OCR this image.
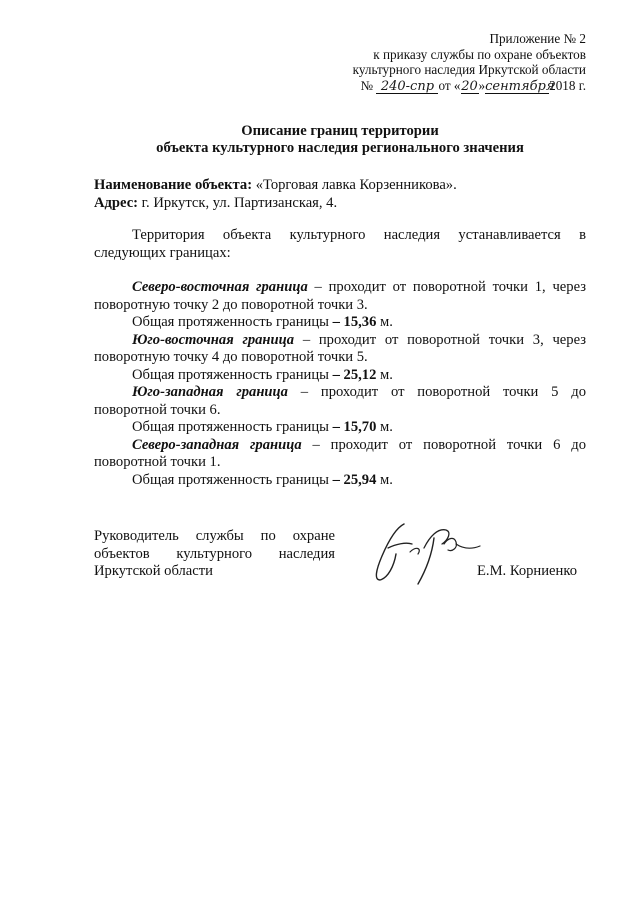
Приложение № 2
к приказу службы по охране объектов
культурного наследия Иркутской области
№ 240-спр от «20»сентября2018 г.
Описание границ территории
объекта культурного наследия регионального значения
Наименование объекта: «Торговая лавка Корзенникова».
Адрес: г. Иркутск, ул. Партизанская, 4.
Территория объекта культурного наследия устанавливается в
следующих границах:
Северо-восточная граница – проходит от поворотной точки 1, через
поворотную точку 2 до поворотной точки 3.
Общая протяженность границы – 15,36 м.
Юго-восточная граница – проходит от поворотной точки 3, через
поворотную точку 4 до поворотной точки 5.
Общая протяженность границы – 25,12 м.
Юго-западная граница – проходит от поворотной точки 5 до
поворотной точки 6.
Общая протяженность границы – 15,70 м.
Северо-западная граница – проходит от поворотной точки 6 до
поворотной точки 1.
Общая протяженность границы – 25,94 м.
Руководитель службы по охране
объектов культурного наследия
Иркутской области	Е.М. Корниенко
